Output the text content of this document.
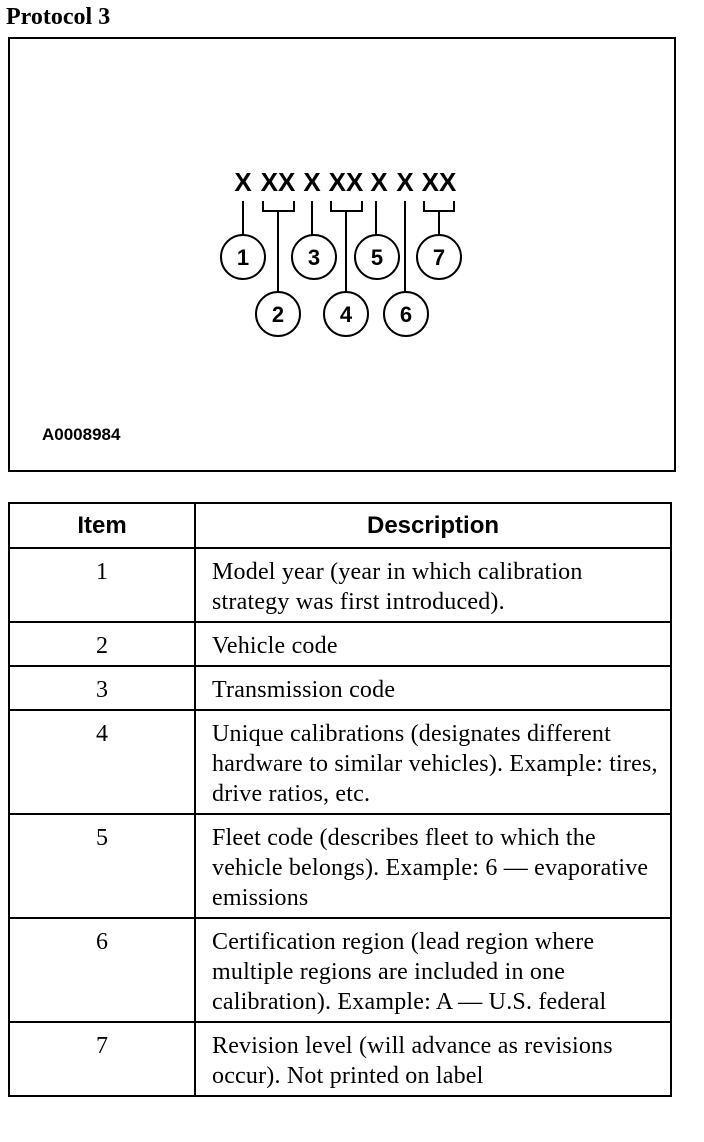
Protocol 3
X XX X XX X X XX
1
2
3
4
5
6
7
A0008984
Item	Description
1	Model year (year in which calibration strategy was first introduced).
2	Vehicle code
3	Transmission code
4	Unique calibrations (designates different hardware to similar vehicles). Example: tires, drive ratios, etc.
5	Fleet code (describes fleet to which the vehicle belongs). Example: 6 — evaporative emissions
6	Certification region (lead region where multiple regions are included in one calibration). Example: A — U.S. federal
7	Revision level (will advance as revisions occur). Not printed on label
